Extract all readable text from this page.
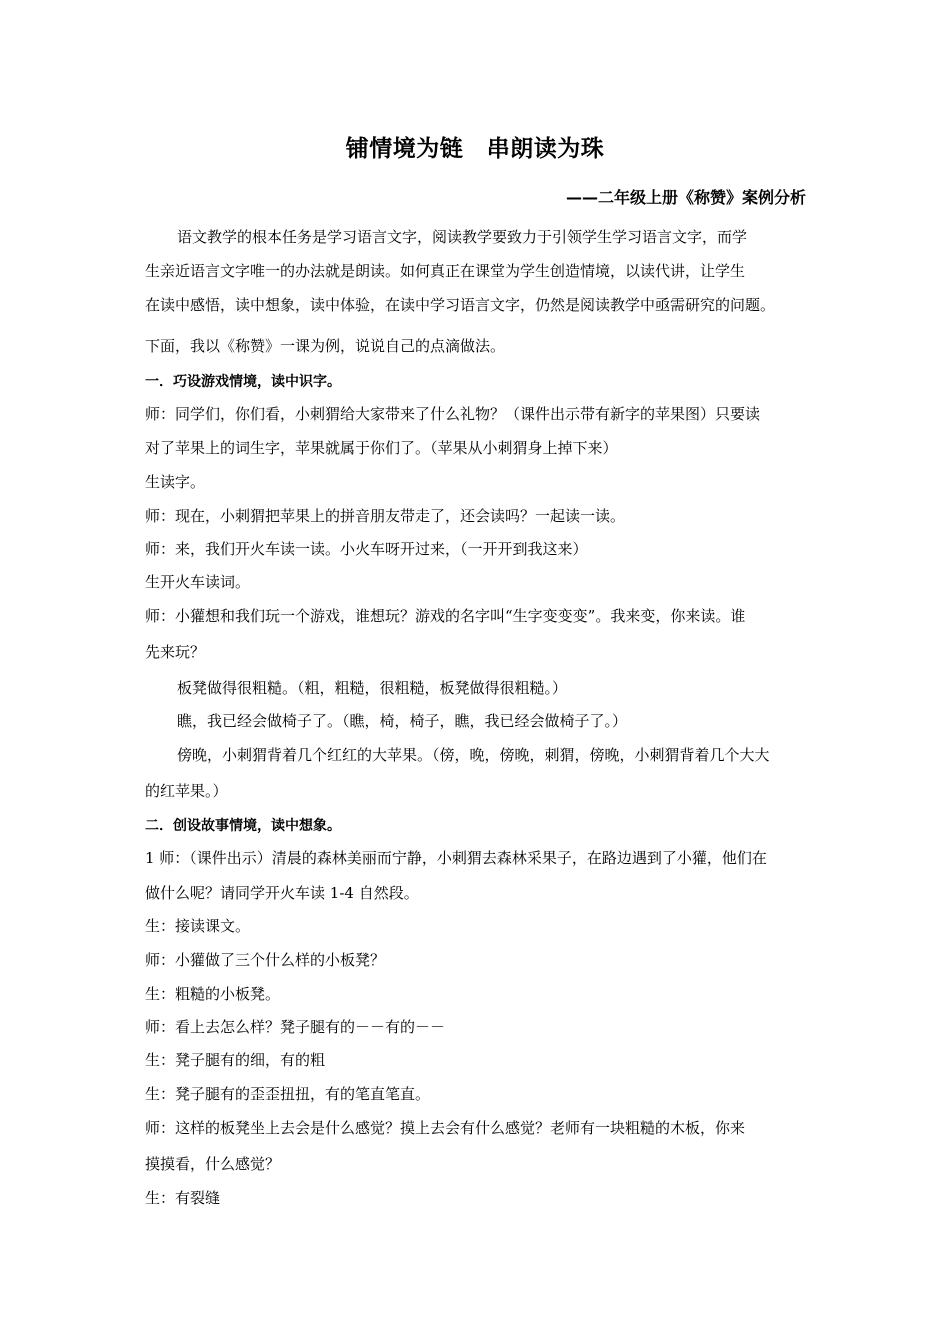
铺情境为链　串朗读为珠
——二年级上册《称赞》案例分析
语文教学的根本任务是学习语言文字，阅读教学要致力于引领学生学习语言文字，而学
生亲近语言文字唯一的办法就是朗读。如何真正在课堂为学生创造情境，以读代讲，让学生
在读中感悟，读中想象，读中体验，在读中学习语言文字，仍然是阅读教学中亟需研究的问题。
下面，我以《称赞》一课为例，说说自己的点滴做法。
一．巧设游戏情境，读中识字。
师：同学们，你们看，小刺猬给大家带来了什么礼物？（课件出示带有新字的苹果图）只要读
对了苹果上的词生字，苹果就属于你们了。（苹果从小刺猬身上掉下来）
生读字。
师：现在，小刺猬把苹果上的拼音朋友带走了，还会读吗？一起读一读。
师：来，我们开火车读一读。小火车呀开过来，（一开开到我这来）
生开火车读词。
师：小獾想和我们玩一个游戏，谁想玩？游戏的名字叫“生字变变变”。我来变，你来读。谁
先来玩？
板凳做得很粗糙。（粗，粗糙，很粗糙，板凳做得很粗糙。）
瞧，我已经会做椅子了。（瞧，椅，椅子，瞧，我已经会做椅子了。）
傍晚，小刺猬背着几个红红的大苹果。（傍，晚，傍晚，刺猬，傍晚，小刺猬背着几个大大
的红苹果。）
二．创设故事情境，读中想象。
1 师：（课件出示）清晨的森林美丽而宁静，小刺猬去森林采果子，在路边遇到了小獾，他们在
做什么呢？请同学开火车读 1-4 自然段。
生：接读课文。
师：小獾做了三个什么样的小板凳？
生：粗糙的小板凳。
师：看上去怎么样？凳子腿有的－－有的－－
生：凳子腿有的细，有的粗
生：凳子腿有的歪歪扭扭，有的笔直笔直。
师：这样的板凳坐上去会是什么感觉？摸上去会有什么感觉？老师有一块粗糙的木板，你来
摸摸看，什么感觉？
生：有裂缝
